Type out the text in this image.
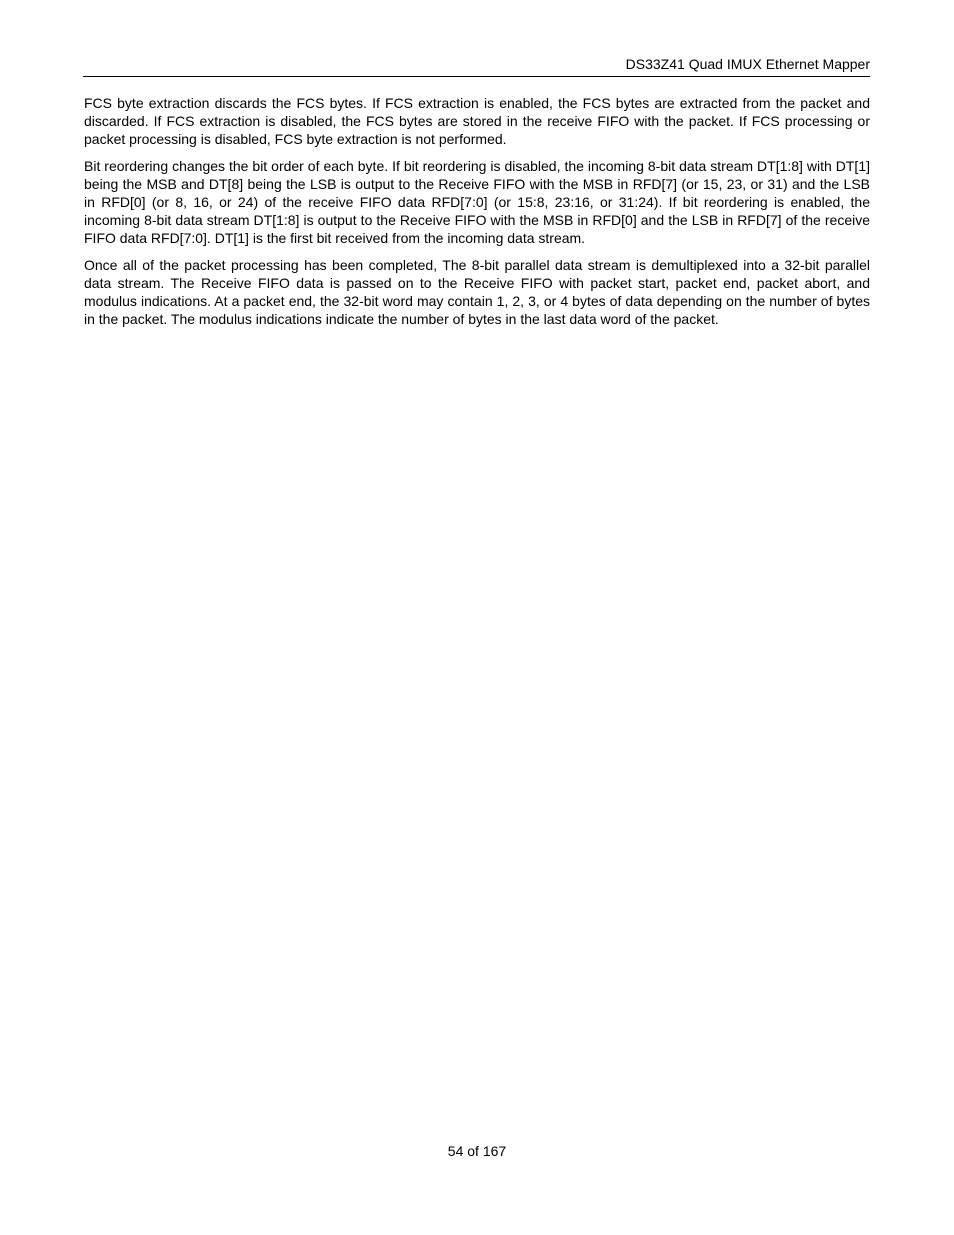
DS33Z41 Quad IMUX Ethernet Mapper

FCS byte extraction discards the FCS bytes. If FCS extraction is enabled, the FCS bytes are extracted from the packet and discarded. If FCS extraction is disabled, the FCS bytes are stored in the receive FIFO with the packet. If FCS processing or packet processing is disabled, FCS byte extraction is not performed.

Bit reordering changes the bit order of each byte. If bit reordering is disabled, the incoming 8-bit data stream DT[1:8] with DT[1] being the MSB and DT[8] being the LSB is output to the Receive FIFO with the MSB in RFD[7] (or 15, 23, or 31) and the LSB in RFD[0] (or 8, 16, or 24) of the receive FIFO data RFD[7:0] (or 15:8, 23:16, or 31:24). If bit reordering is enabled, the incoming 8-bit data stream DT[1:8] is output to the Receive FIFO with the MSB in RFD[0] and the LSB in RFD[7] of the receive FIFO data RFD[7:0]. DT[1] is the first bit received from the incoming data stream.

Once all of the packet processing has been completed, The 8-bit parallel data stream is demultiplexed into a 32-bit parallel data stream. The Receive FIFO data is passed on to the Receive FIFO with packet start, packet end, packet abort, and modulus indications. At a packet end, the 32-bit word may contain 1, 2, 3, or 4 bytes of data depending on the number of bytes in the packet. The modulus indications indicate the number of bytes in the last data word of the packet.

54 of 167
